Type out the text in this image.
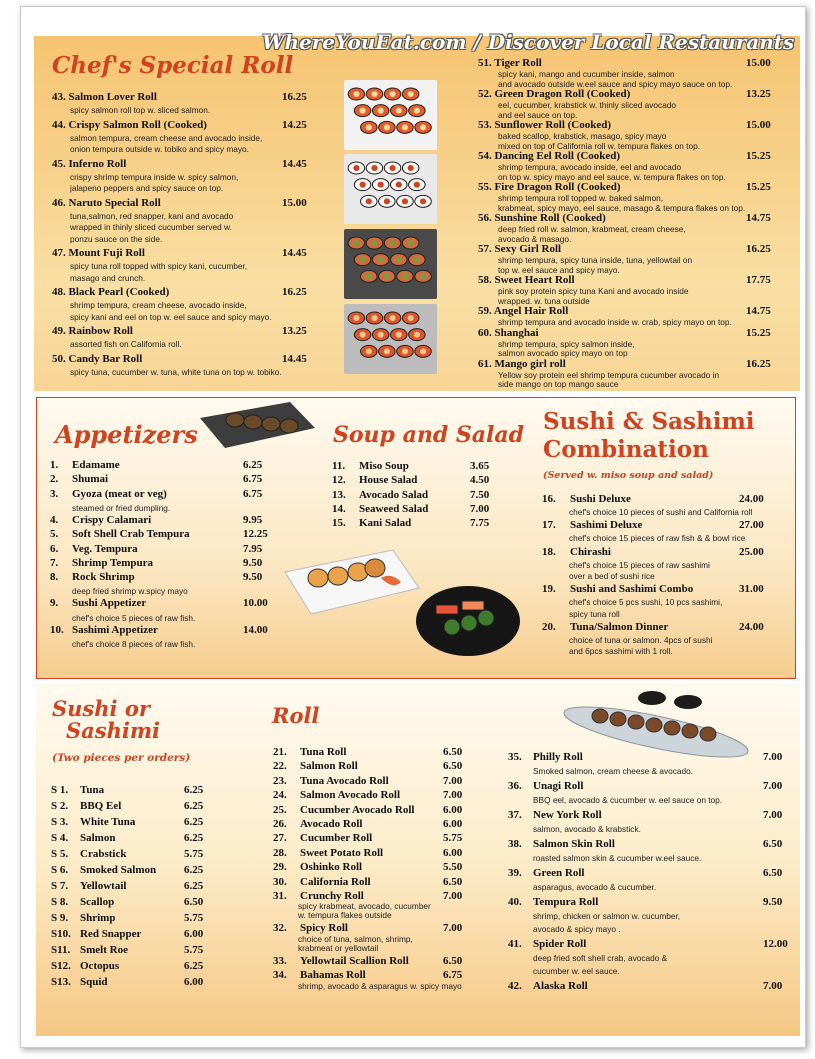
WhereYouEat.com / Discover Local Restaurants
Chef's Special Roll
43. Salmon Lover Roll	16.25
spicy salmon roll top w. sliced salmon.
44. Crispy Salmon Roll (Cooked)	14.25
salmon tempura, cream cheese and avocado inside,
onion tempura outside w. tobiko and spicy mayo.
45. Inferno Roll	14.45
crispy shrimp tempura inside w. spicy salmon,
jalapeno peppers and spicy sauce on top.
46. Naruto Special Roll	15.00
tuna,salmon, red snapper, kani and avocado
wrapped in thinly sliced cucumber served w.
ponzu sauce on the side.
47. Mount Fuji Roll	14.45
spicy tuna roll topped with spicy kani, cucumber,
masago and crunch.
48. Black Pearl (Cooked)	16.25
shrimp tempura, cream cheese, avocado inside,
spicy kani and eel on top w. eel sauce and spicy mayo.
49. Rainbow Roll	13.25
assorted fish on California roll.
50. Candy Bar Roll	14.45
spicy tuna, cucumber w. tuna, white tuna on top w. tobiko.
51. Tiger Roll	15.00
spicy kani, mango and cucumber inside, salmon
and avocado outside w.eel sauce and spicy mayo sauce on top.
52. Green Dragon Roll (Cooked)	13.25
eel, cucumber, krabstick w. thinly sliced avocado
and eel sauce on top.
53. Sunflower Roll (Cooked)	15.00
baked scallop, krabstick, masago, spicy mayo
mixed on top of California roll w. tempura flakes on top.
54. Dancing Eel Roll (Cooked)	15.25
shrimp tempura, avocado inside, eel and avocado
on top w. spicy mayo and eel sauce, w. tempura flakes on top.
55. Fire Dragon Roll (Cooked)	15.25
shrimp tempura roll topped w. baked salmon,
krabmeat, spicy mayo, eel sauce, masago & tempura flakes on top.
56. Sunshine Roll (Cooked)	14.75
deep fried roll w. salmon, krabmeat, cream cheese,
avocado & masago.
57. Sexy Girl Roll	16.25
shrimp tempura, spicy tuna inside, tuna, yellowtail on
top w. eel sauce and spicy mayo.
58. Sweet Heart Roll	17.75
pink soy protein spicy tuna Kani and avocado inside
wrapped. w. tuna outside
59. Angel Hair Roll	14.75
shrimp tempura and avocado inside w. crab, spicy mayo on top.
60. Shanghai	15.25
shrimp tempura, spicy salmon inside,
salmon avocado spicy mayo on top
61. Mango girl roll	16.25
Yellow soy protein eel shrimp tempura cucumber avocado in
side mango on top mango sauce
Appetizers
1. Edamame	6.25
2. Shumai	6.75
3. Gyoza (meat or veg)	6.75
steamed or fried dumpling.
4. Crispy Calamari	9.95
5. Soft Shell Crab Tempura	12.25
6. Veg. Tempura	7.95
7. Shrimp Tempura	9.50
8. Rock Shrimp	9.50
deep fried shrimp w.spicy mayo
9. Sushi Appetizer	10.00
chef's choice 5 pieces of raw fish.
10. Sashimi Appetizer	14.00
chef's choice 8 pieces of raw fish.
Soup and Salad
11. Miso Soup	3.65
12. House Salad	4.50
13. Avocado Salad	7.50
14. Seaweed Salad	7.00
15. Kani Salad	7.75
Sushi & Sashimi
Combination
(Served w. miso soup and salad)
16. Sushi Deluxe	24.00
chef's choice 10 pieces of sushi and California roll
17. Sashimi Deluxe	27.00
chef's choice 15 pieces of raw fish & & bowl rice
18. Chirashi	25.00
chef's choice 15 pieces of raw sashimi
over a bed of sushi rice
19. Sushi and Sashimi Combo	31.00
chef's choice 5 pcs sushi, 10 pcs sashimi,
spicy tuna roll
20. Tuna/Salmon Dinner	24.00
choice of tuna or salmon. 4pcs of sushi
and 6pcs sashimi with 1 roll.
Sushi or
Sashimi
(Two pieces per orders)
S 1. Tuna	6.25
S 2. BBQ Eel	6.25
S 3. White Tuna	6.25
S 4. Salmon	6.25
S 5. Crabstick	5.75
S 6. Smoked Salmon	6.25
S 7. Yellowtail	6.25
S 8. Scallop	6.50
S 9. Shrimp	5.75
S10. Red Snapper	6.00
S11. Smelt Roe	5.75
S12. Octopus	6.25
S13. Squid	6.00
Roll
21. Tuna Roll	6.50
22. Salmon Roll	6.50
23. Tuna Avocado Roll	7.00
24. Salmon Avocado Roll	7.00
25. Cucumber Avocado Roll	6.00
26. Avocado Roll	6.00
27. Cucumber Roll	5.75
28. Sweet Potato Roll	6.00
29. Oshinko Roll	5.50
30. California Roll	6.50
31. Crunchy Roll	7.00
spicy krabmeat, avocado, cucumber
w. tempura flakes outside
32. Spicy Roll	7.00
choice of tuna, salmon, shrimp,
krabmeat or yellowtail
33. Yellowtail Scallion Roll	6.50
34. Bahamas Roll	6.75
shrimp, avocado & asparagus w. spicy mayo
35. Philly Roll	7.00
Smoked salmon, cream cheese & avocado.
36. Unagi Roll	7.00
BBQ eel, avocado & cucumber w. eel sauce on top.
37. New York Roll	7.00
salmon, avocado & krabstick.
38. Salmon Skin Roll	6.50
roasted salmon skin & cucumber w.eel sauce.
39. Green Roll	6.50
asparagus, avocado & cucumber.
40. Tempura Roll	9.50
shrimp, chicken or salmon w. cucumber,
avocado & spicy mayo .
41. Spider Roll	12.00
deep fried soft shell crab, avocado &
cucumber w. eel sauce.
42. Alaska Roll	7.00
